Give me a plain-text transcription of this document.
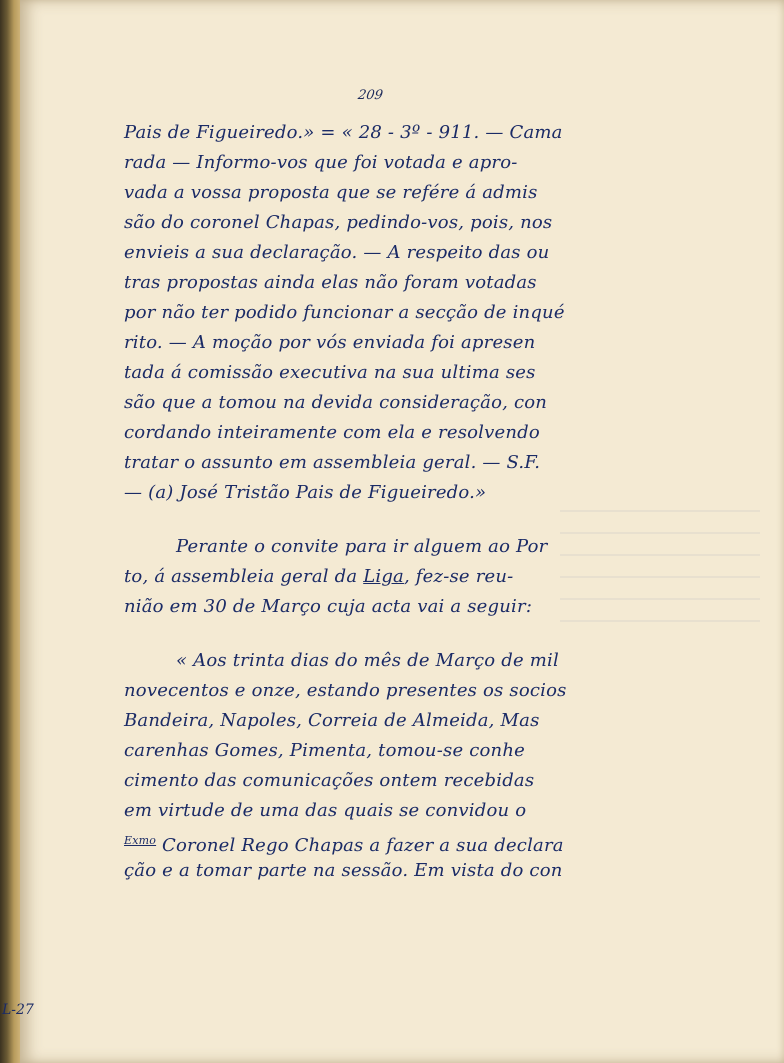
209
Pais de Figueiredo.» = « 28 - 3º - 911. — Cama
rada — Informo-vos que foi votada e apro-
vada a vossa proposta que se refére á admis
são do coronel Chapas, pedindo-vos, pois, nos
envieis a sua declaração. — A respeito das ou
tras propostas ainda elas não foram votadas
por não ter podido funcionar a secção de inqué
rito. — A moção por vós enviada foi apresen
tada á comissão executiva na sua ultima ses
são que a tomou na devida consideração, con
cordando inteiramente com ela e resolvendo
tratar o assunto em assembleia geral. — S.F.
— (a) José Tristão Pais de Figueiredo.»
Perante o convite para ir alguem ao Por
to, á assembleia geral da Liga, fez-se reu-
nião em 30 de Março cuja acta vai a seguir:
« Aos trinta dias do mês de Março de mil
novecentos e onze, estando presentes os socios
Bandeira, Napoles, Correia de Almeida, Mas
carenhas Gomes, Pimenta, tomou-se conhe
cimento das comunicações ontem recebidas
em virtude de uma das quais se convidou o
$^{Exmo}$ Coronel Rego Chapas a fazer a sua declara
ção e a tomar parte na sessão. Em vista do con
L-27
